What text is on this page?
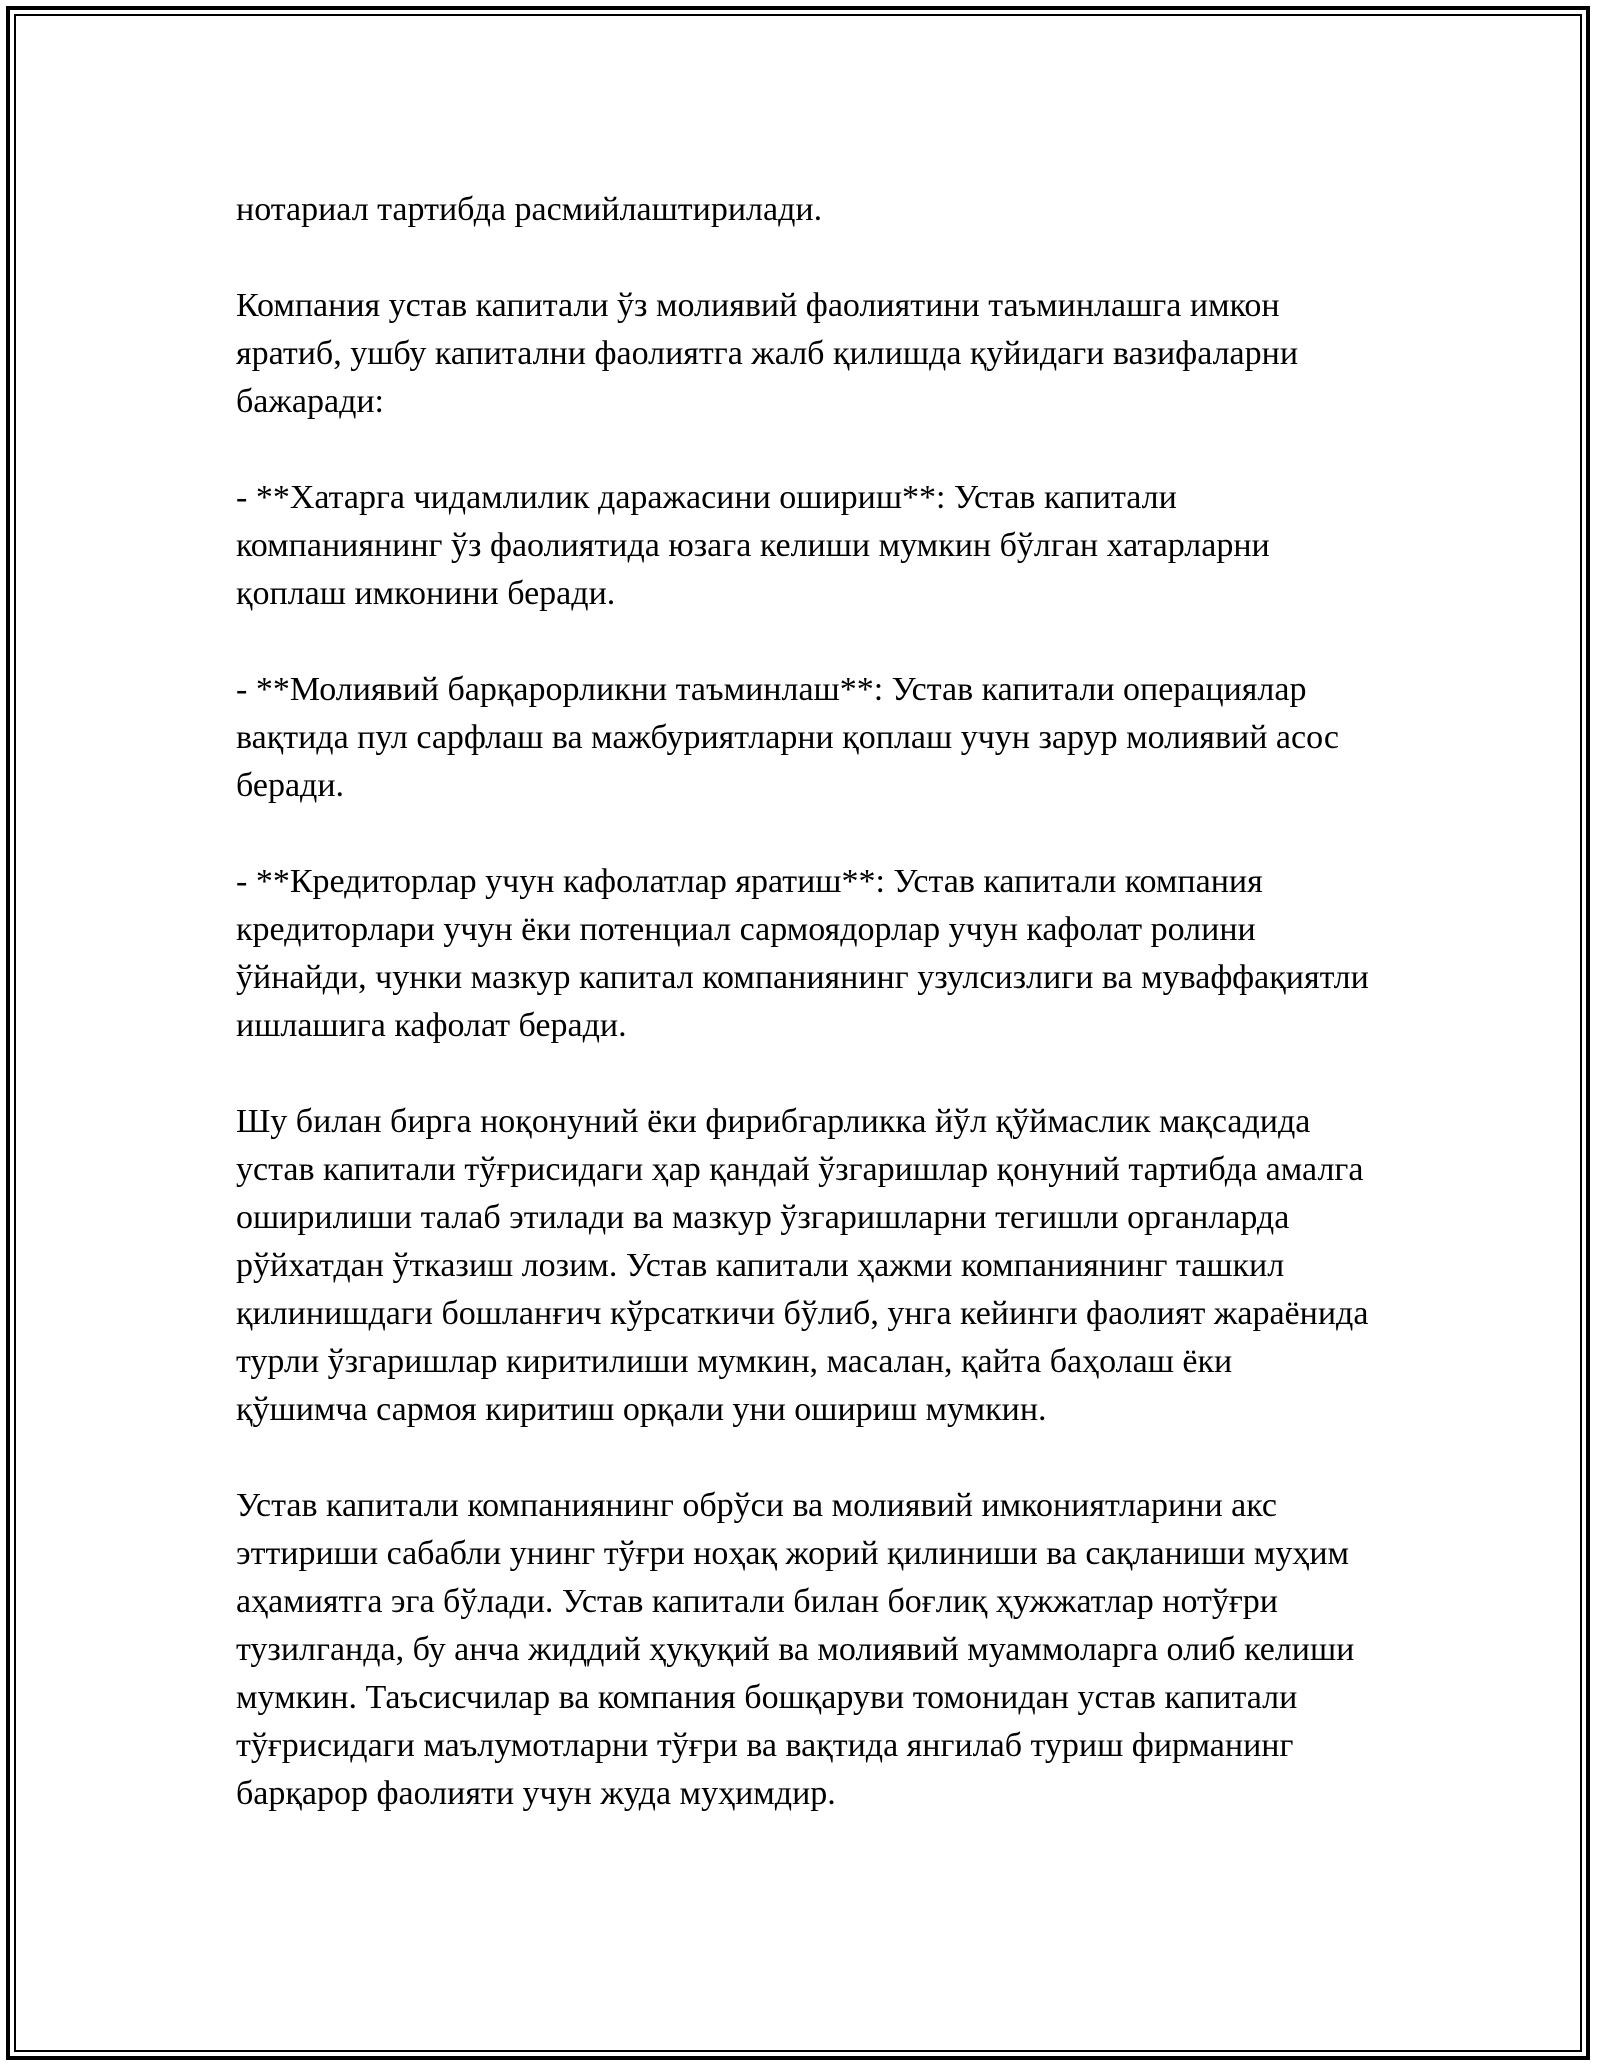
нотариал тартибда расмийлаштирилади.

Компания устав капитали ўз молиявий фаолиятини таъминлашга имкон яратиб, ушбу капитални фаолиятга жалб қилишда қуйидаги вазифаларни бажаради:

- **Хатарга чидамлилик даражасини ошириш**: Устав капитали компаниянинг ўз фаолиятида юзага келиши мумкин бўлган хатарларни қоплаш имконини беради.

- **Молиявий барқарорликни таъминлаш**: Устав капитали операциялар вақтида пул сарфлаш ва мажбуриятларни қоплаш учун зарур молиявий асос беради.

- **Кредиторлар учун кафолатлар яратиш**: Устав капитали компания кредиторлари учун ёки потенциал сармоядорлар учун кафолат ролини ўйнайди, чунки мазкур капитал компаниянинг узулсизлиги ва муваффақиятли ишлашига кафолат беради.

Шу билан бирга ноқонуний ёки фирибгарликка йўл қўймаслик мақсадида устав капитали тўғрисидаги ҳар қандай ўзгаришлар қонуний тартибда амалга оширилиши талаб этилади ва мазкур ўзгаришларни тегишли органларда рўйхатдан ўтказиш лозим. Устав капитали ҳажми компаниянинг ташкил қилинишдаги бошланғич кўрсаткичи бўлиб, унга кейинги фаолият жараёнида турли ўзгаришлар киритилиши мумкин, масалан, қайта баҳолаш ёки қўшимча сармоя киритиш орқали уни ошириш мумкин.

Устав капитали компаниянинг обрўси ва молиявий имкониятларини акс эттириши сабабли унинг тўғри ноҳақ жорий қилиниши ва сақланиши муҳим аҳамиятга эга бўлади. Устав капитали билан боғлиқ ҳужжатлар нотўғри тузилганда, бу анча жиддий ҳуқуқий ва молиявий муаммоларга олиб келиши мумкин. Таъсисчилар ва компания бошқаруви томонидан устав капитали тўғрисидаги маълумотларни тўғри ва вақтида янгилаб туриш фирманинг барқарор фаолияти учун жуда муҳимдир.
